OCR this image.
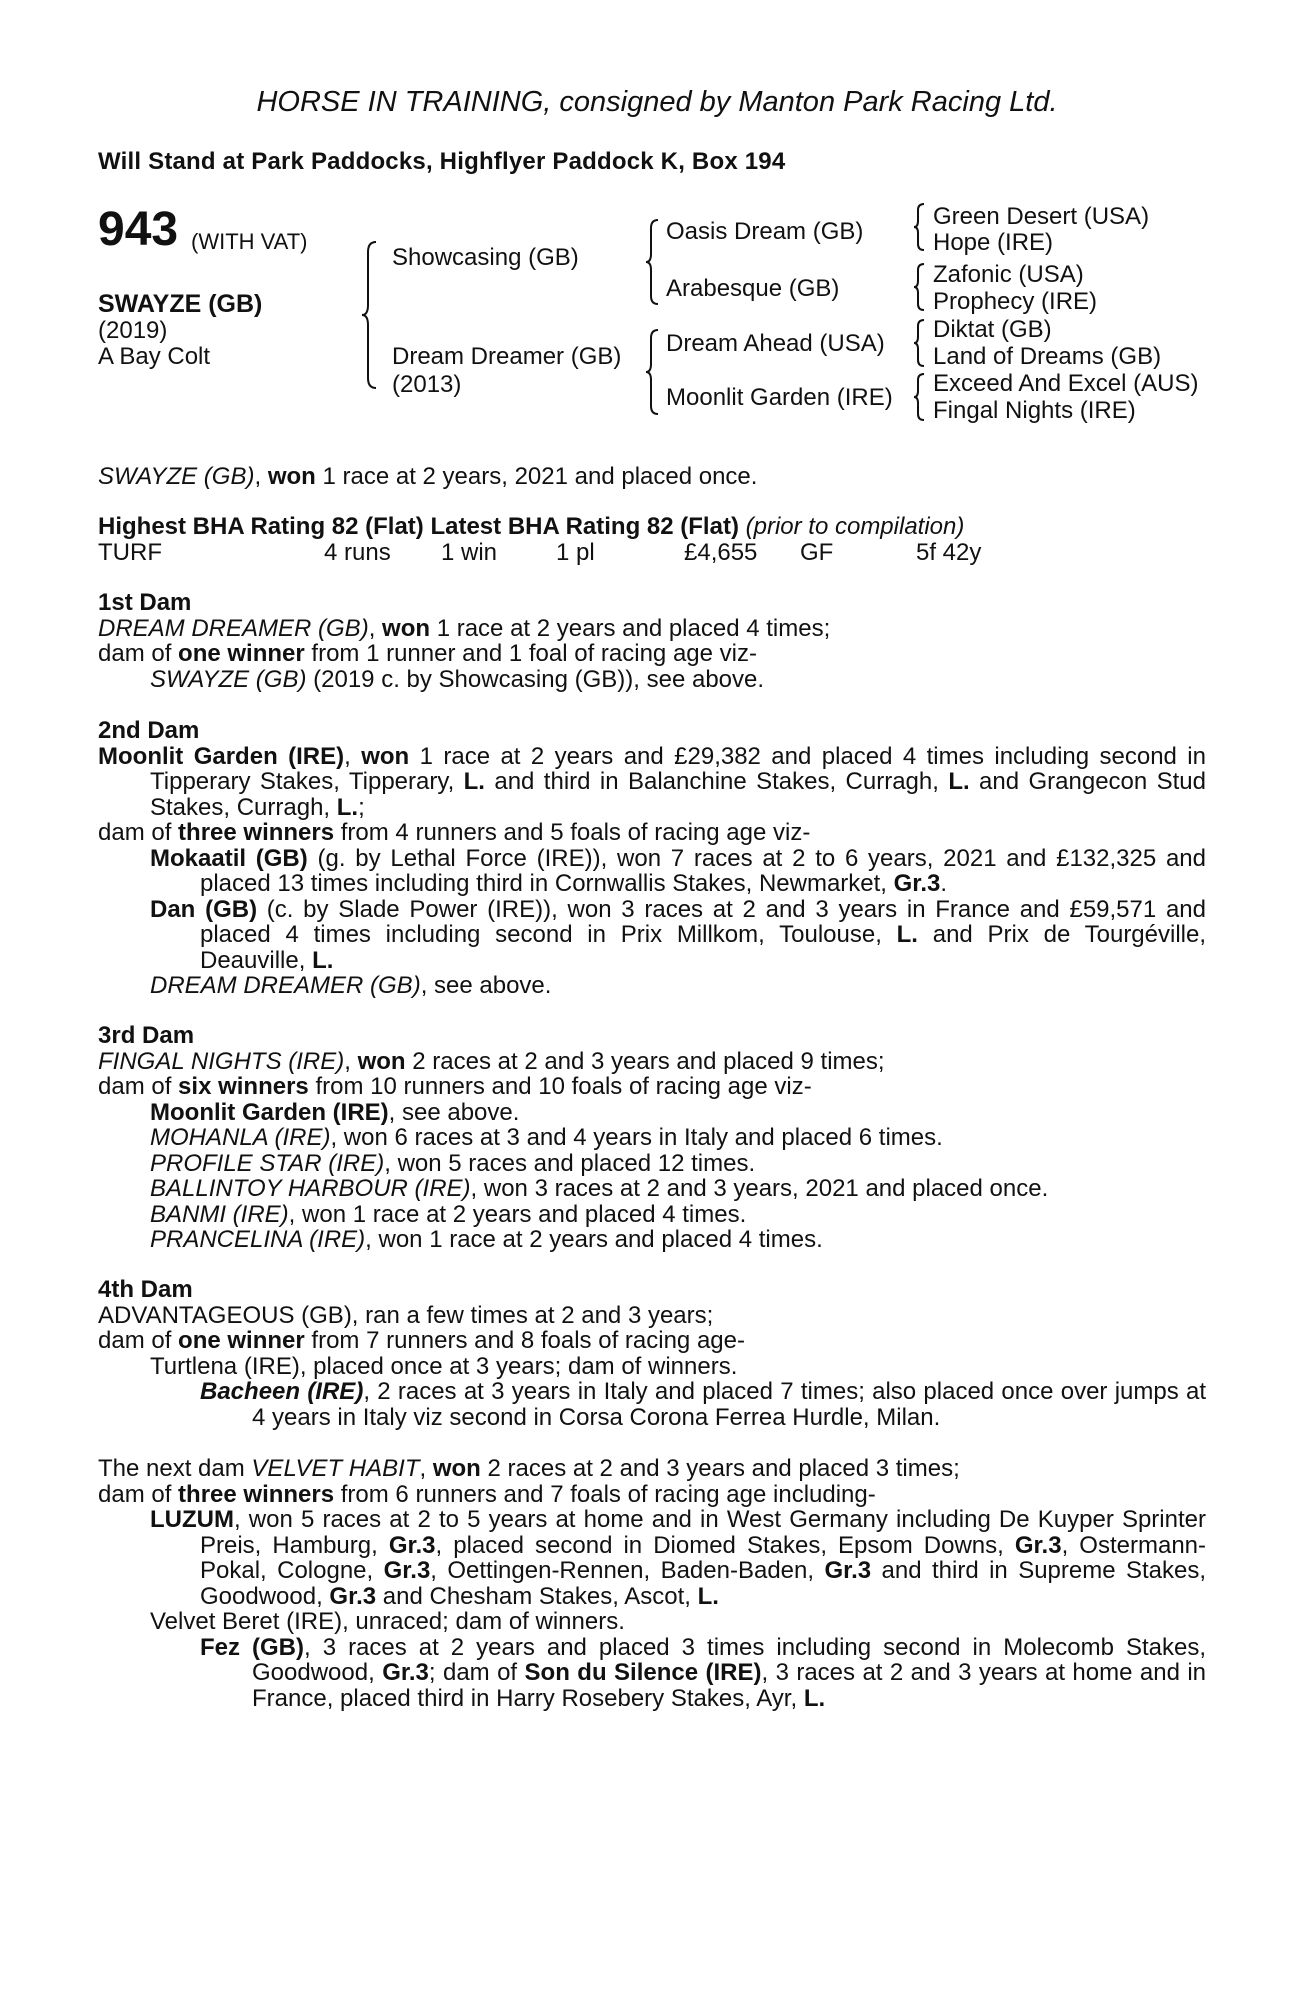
HORSE IN TRAINING, consigned by Manton Park Racing Ltd.
Will Stand at Park Paddocks, Highflyer Paddock K, Box 194
943 (WITH VAT)
SWAYZE (GB)
(2019)
A Bay Colt
Showcasing (GB)
Dream Dreamer (GB)
(2013)
Oasis Dream (GB)
Arabesque (GB)
Dream Ahead (USA)
Moonlit Garden (IRE)
Green Desert (USA)
Hope (IRE)
Zafonic (USA)
Prophecy (IRE)
Diktat (GB)
Land of Dreams (GB)
Exceed And Excel (AUS)
Fingal Nights (IRE)
SWAYZE (GB), won 1 race at 2 years, 2021 and placed once.
Highest BHA Rating 82 (Flat) Latest BHA Rating 82 (Flat) (prior to compilation)
TURF	4 runs 1 win 1 pl	£4,655 GF	5f 42y

1st Dam

DREAM DREAMER (GB), won 1 race at 2 years and placed 4 times;

dam of one winner from 1 runner and 1 foal of racing age viz-

SWAYZE (GB) (2019 c. by Showcasing (GB)), see above.

2nd Dam

Moonlit Garden (IRE), won 1 race at 2 years and £29,382 and placed 4 times including second in Tipperary Stakes, Tipperary, L. and third in Balanchine Stakes, Curragh, L. and Grangecon Stud Stakes, Curragh, L.;

dam of three winners from 4 runners and 5 foals of racing age viz-

Mokaatil (GB) (g. by Lethal Force (IRE)), won 7 races at 2 to 6 years, 2021 and £132,325 and placed 13 times including third in Cornwallis Stakes, Newmarket, Gr.3.

Dan (GB) (c. by Slade Power (IRE)), won 3 races at 2 and 3 years in France and £59,571 and placed 4 times including second in Prix Millkom, Toulouse, L. and Prix de Tourgéville, Deauville, L.

DREAM DREAMER (GB), see above.

3rd Dam

FINGAL NIGHTS (IRE), won 2 races at 2 and 3 years and placed 9 times;

dam of six winners from 10 runners and 10 foals of racing age viz-

Moonlit Garden (IRE), see above.

MOHANLA (IRE), won 6 races at 3 and 4 years in Italy and placed 6 times.

PROFILE STAR (IRE), won 5 races and placed 12 times.

BALLINTOY HARBOUR (IRE), won 3 races at 2 and 3 years, 2021 and placed once.

BANMI (IRE), won 1 race at 2 years and placed 4 times.

PRANCELINA (IRE), won 1 race at 2 years and placed 4 times.

4th Dam

ADVANTAGEOUS (GB), ran a few times at 2 and 3 years;

dam of one winner from 7 runners and 8 foals of racing age-

Turtlena (IRE), placed once at 3 years; dam of winners.

Bacheen (IRE), 2 races at 3 years in Italy and placed 7 times; also placed once over jumps at 4 years in Italy viz second in Corsa Corona Ferrea Hurdle, Milan.

The next dam VELVET HABIT, won 2 races at 2 and 3 years and placed 3 times;

dam of three winners from 6 runners and 7 foals of racing age including-

LUZUM, won 5 races at 2 to 5 years at home and in West Germany including De Kuyper Sprinter Preis, Hamburg, Gr.3, placed second in Diomed Stakes, Epsom Downs, Gr.3, Ostermann-Pokal, Cologne, Gr.3, Oettingen-Rennen, Baden-Baden, Gr.3 and third in Supreme Stakes, Goodwood, Gr.3 and Chesham Stakes, Ascot, L.

Velvet Beret (IRE), unraced; dam of winners.

Fez (GB), 3 races at 2 years and placed 3 times including second in Molecomb Stakes, Goodwood, Gr.3; dam of Son du Silence (IRE), 3 races at 2 and 3 years at home and in France, placed third in Harry Rosebery Stakes, Ayr, L.
